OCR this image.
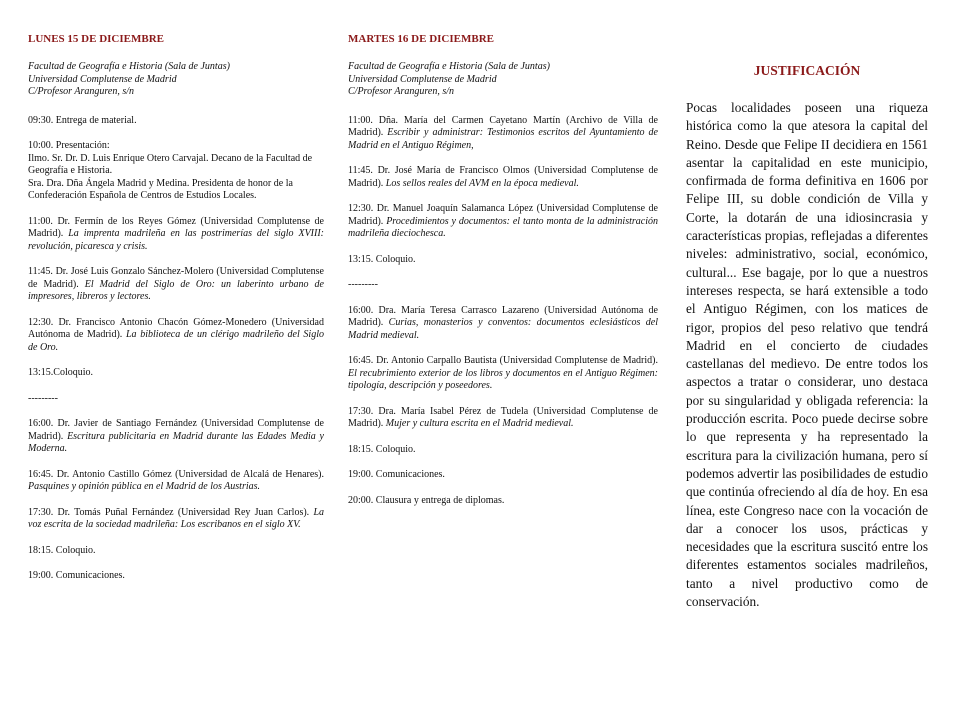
LUNES 15 DE DICIEMBRE
Facultad de Geografía e Historia (Sala de Juntas)
Universidad Complutense de Madrid
C/Profesor Aranguren, s/n
09:30. Entrega de material.
10:00. Presentación:
Ilmo. Sr. Dr. D. Luis Enrique Otero Carvajal. Decano de la Facultad de Geografía e Historia.
Sra. Dra. Dña Ángela Madrid y Medina. Presidenta de honor de la Confederación Española de Centros de Estudios Locales.
11:00. Dr. Fermín de los Reyes Gómez (Universidad Complutense de Madrid). La imprenta madrileña en las postrimerías del siglo XVIII: revolución, picaresca y crisis.
11:45. Dr. José Luis Gonzalo Sánchez-Molero (Universidad Complutense de Madrid). El Madrid del Siglo de Oro: un laberinto urbano de impresores, libreros y lectores.
12:30. Dr. Francisco Antonio Chacón Gómez-Monedero (Universidad Autónoma de Madrid). La biblioteca de un clérigo madrileño del Siglo de Oro.
13:15.Coloquio.
---------
16:00. Dr. Javier de Santiago Fernández (Universidad Complutense de Madrid). Escritura publicitaria en Madrid durante las Edades Media y Moderna.
16:45. Dr. Antonio Castillo Gómez (Universidad de Alcalá de Henares). Pasquines y opinión pública en el Madrid de los Austrias.
17:30. Dr. Tomás Puñal Fernández (Universidad Rey Juan Carlos). La voz escrita de la sociedad madrileña: Los escribanos en el siglo XV.
18:15. Coloquio.
19:00. Comunicaciones.
MARTES 16 DE DICIEMBRE
Facultad de Geografía e Historia (Sala de Juntas)
Universidad Complutense de Madrid
C/Profesor Aranguren, s/n
11:00. Dña. María del Carmen Cayetano Martín (Archivo de Villa de Madrid). Escribir y administrar: Testimonios escritos del Ayuntamiento de Madrid en el Antiguo Régimen,
11:45. Dr. José María de Francisco Olmos (Universidad Complutense de Madrid). Los sellos reales del AVM en la época medieval.
12:30. Dr. Manuel Joaquín Salamanca López (Universidad Complutense de Madrid). Procedimientos y documentos: el tanto monta de la administración madrileña dieciochesca.
13:15. Coloquio.
---------
16:00. Dra. María Teresa Carrasco Lazareno (Universidad Autónoma de Madrid). Curias, monasterios y conventos: documentos eclesiásticos del Madrid medieval.
16:45. Dr. Antonio Carpallo Bautista (Universidad Complutense de Madrid). El recubrimiento exterior de los libros y documentos en el Antiguo Régimen: tipología, descripción y poseedores.
17:30. Dra. María Isabel Pérez de Tudela (Universidad Complutense de Madrid). Mujer y cultura escrita en el Madrid medieval.
18:15. Coloquio.
19:00. Comunicaciones.
20:00. Clausura y entrega de diplomas.
JUSTIFICACIÓN
Pocas localidades poseen una riqueza histórica como la que atesora la capital del Reino. Desde que Felipe II decidiera en 1561 asentar la capitalidad en este municipio, confirmada de forma definitiva en 1606 por Felipe III, su doble condición de Villa y Corte, la dotarán de una idiosincrasia y características propias, reflejadas a diferentes niveles: administrativo, social, económico, cultural... Ese bagaje, por lo que a nuestros intereses respecta, se hará extensible a todo el Antiguo Régimen, con los matices de rigor, propios del peso relativo que tendrá Madrid en el concierto de ciudades castellanas del medievo. De entre todos los aspectos a tratar o considerar, uno destaca por su singularidad y obligada referencia: la producción escrita. Poco puede decirse sobre lo que representa y ha representado la escritura para la civilización humana, pero sí podemos advertir las posibilidades de estudio que continúa ofreciendo al día de hoy. En esa línea, este Congreso nace con la vocación de dar a conocer los usos, prácticas y necesidades que la escritura suscitó entre los diferentes estamentos sociales madrileños, tanto a nivel productivo como de conservación.
